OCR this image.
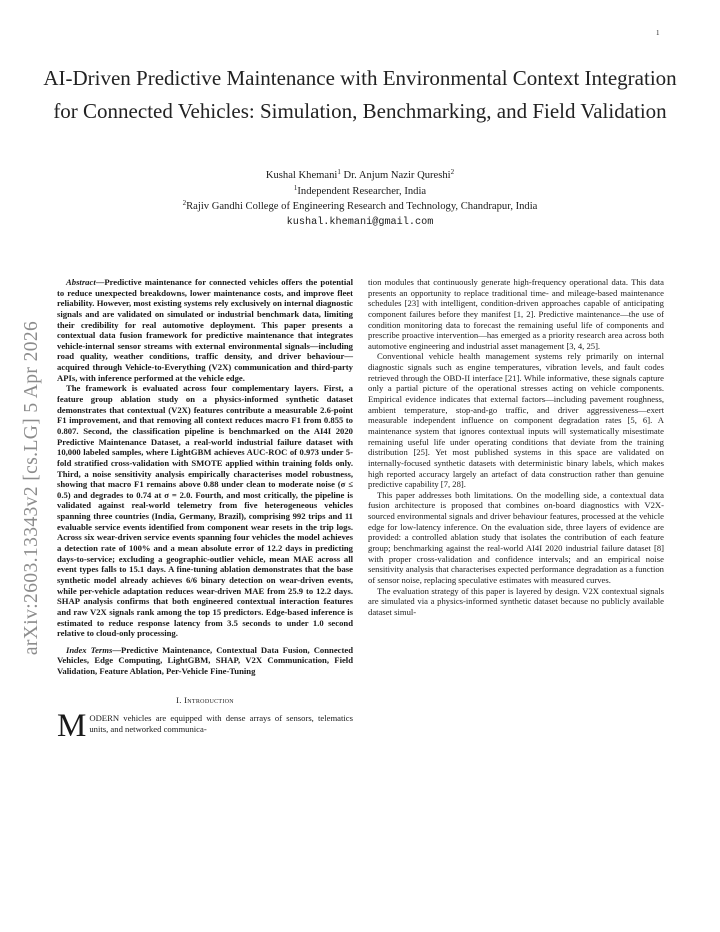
1
arXiv:2603.13343v2 [cs.LG] 5 Apr 2026
AI-Driven Predictive Maintenance with Environmental Context Integration for Connected Vehicles: Simulation, Benchmarking, and Field Validation
Kushal Khemani$^1$ Dr. Anjum Nazir Qureshi$^2$
$^1$Independent Researcher, India
$^2$Rajiv Gandhi College of Engineering Research and Technology, Chandrapur, India
kushal.khemani@gmail.com

Abstract—Predictive maintenance for connected vehicles offers the potential to reduce unexpected breakdowns, lower maintenance costs, and improve fleet reliability. However, most existing systems rely exclusively on internal diagnostic signals and are validated on simulated or industrial benchmark data, limiting their credibility for real automotive deployment. This paper presents a contextual data fusion framework for predictive maintenance that integrates vehicle-internal sensor streams with external environmental signals—including road quality, weather conditions, traffic density, and driver behaviour—acquired through Vehicle-to-Everything (V2X) communication and third-party APIs, with inference performed at the vehicle edge.

The framework is evaluated across four complementary layers. First, a feature group ablation study on a physics-informed synthetic dataset demonstrates that contextual (V2X) features contribute a measurable 2.6-point F1 improvement, and that removing all context reduces macro F1 from 0.855 to 0.807. Second, the classification pipeline is benchmarked on the AI4I 2020 Predictive Maintenance Dataset, a real-world industrial failure dataset with 10,000 labeled samples, where LightGBM achieves AUC-ROC of 0.973 under 5-fold stratified cross-validation with SMOTE applied within training folds only. Third, a noise sensitivity analysis empirically characterises model robustness, showing that macro F1 remains above 0.88 under clean to moderate noise (σ ≤ 0.5) and degrades to 0.74 at σ = 2.0. Fourth, and most critically, the pipeline is validated against real-world telemetry from five heterogeneous vehicles spanning three countries (India, Germany, Brazil), comprising 992 trips and 11 evaluable service events identified from component wear resets in the trip logs. Across six wear-driven service events spanning four vehicles the model achieves a detection rate of 100% and a mean absolute error of 12.2 days in predicting days-to-service; excluding a geographic-outlier vehicle, mean MAE across all event types falls to 15.1 days. A fine-tuning ablation demonstrates that the base synthetic model already achieves 6/6 binary detection on wear-driven events, while per-vehicle adaptation reduces wear-driven MAE from 25.9 to 12.2 days. SHAP analysis confirms that both engineered contextual interaction features and raw V2X signals rank among the top 15 predictors. Edge-based inference is estimated to reduce response latency from 3.5 seconds to under 1.0 second relative to cloud-only processing.

Index Terms—Predictive Maintenance, Contextual Data Fusion, Connected Vehicles, Edge Computing, LightGBM, SHAP, V2X Communication, Field Validation, Feature Ablation, Per-Vehicle Fine-Tuning

I. Introduction

MODERN vehicles are equipped with dense arrays of sensors, telematics units, and networked communica-

tion modules that continuously generate high-frequency operational data. This data presents an opportunity to replace traditional time- and mileage-based maintenance schedules [23] with intelligent, condition-driven approaches capable of anticipating component failures before they manifest [1, 2]. Predictive maintenance—the use of condition monitoring data to forecast the remaining useful life of components and prescribe proactive intervention—has emerged as a priority research area across both automotive engineering and industrial asset management [3, 4, 25].

Conventional vehicle health management systems rely primarily on internal diagnostic signals such as engine temperatures, vibration levels, and fault codes retrieved through the OBD-II interface [21]. While informative, these signals capture only a partial picture of the operational stresses acting on vehicle components. Empirical evidence indicates that external factors—including pavement roughness, ambient temperature, stop-and-go traffic, and driver aggressiveness—exert measurable independent influence on component degradation rates [5, 6]. A maintenance system that ignores contextual inputs will systematically misestimate remaining useful life under operating conditions that deviate from the training distribution [25]. Yet most published systems in this space are validated on internally-focused synthetic datasets with deterministic binary labels, which makes high reported accuracy largely an artefact of data construction rather than genuine predictive capability [7, 28].

This paper addresses both limitations. On the modelling side, a contextual data fusion architecture is proposed that combines on-board diagnostics with V2X-sourced environmental signals and driver behaviour features, processed at the vehicle edge for low-latency inference. On the evaluation side, three layers of evidence are provided: a controlled ablation study that isolates the contribution of each feature group; benchmarking against the real-world AI4I 2020 industrial failure dataset [8] with proper cross-validation and confidence intervals; and an empirical noise sensitivity analysis that characterises expected performance degradation as a function of sensor noise, replacing speculative estimates with measured curves.

The evaluation strategy of this paper is layered by design. V2X contextual signals are simulated via a physics-informed synthetic dataset because no publicly available dataset simul-
